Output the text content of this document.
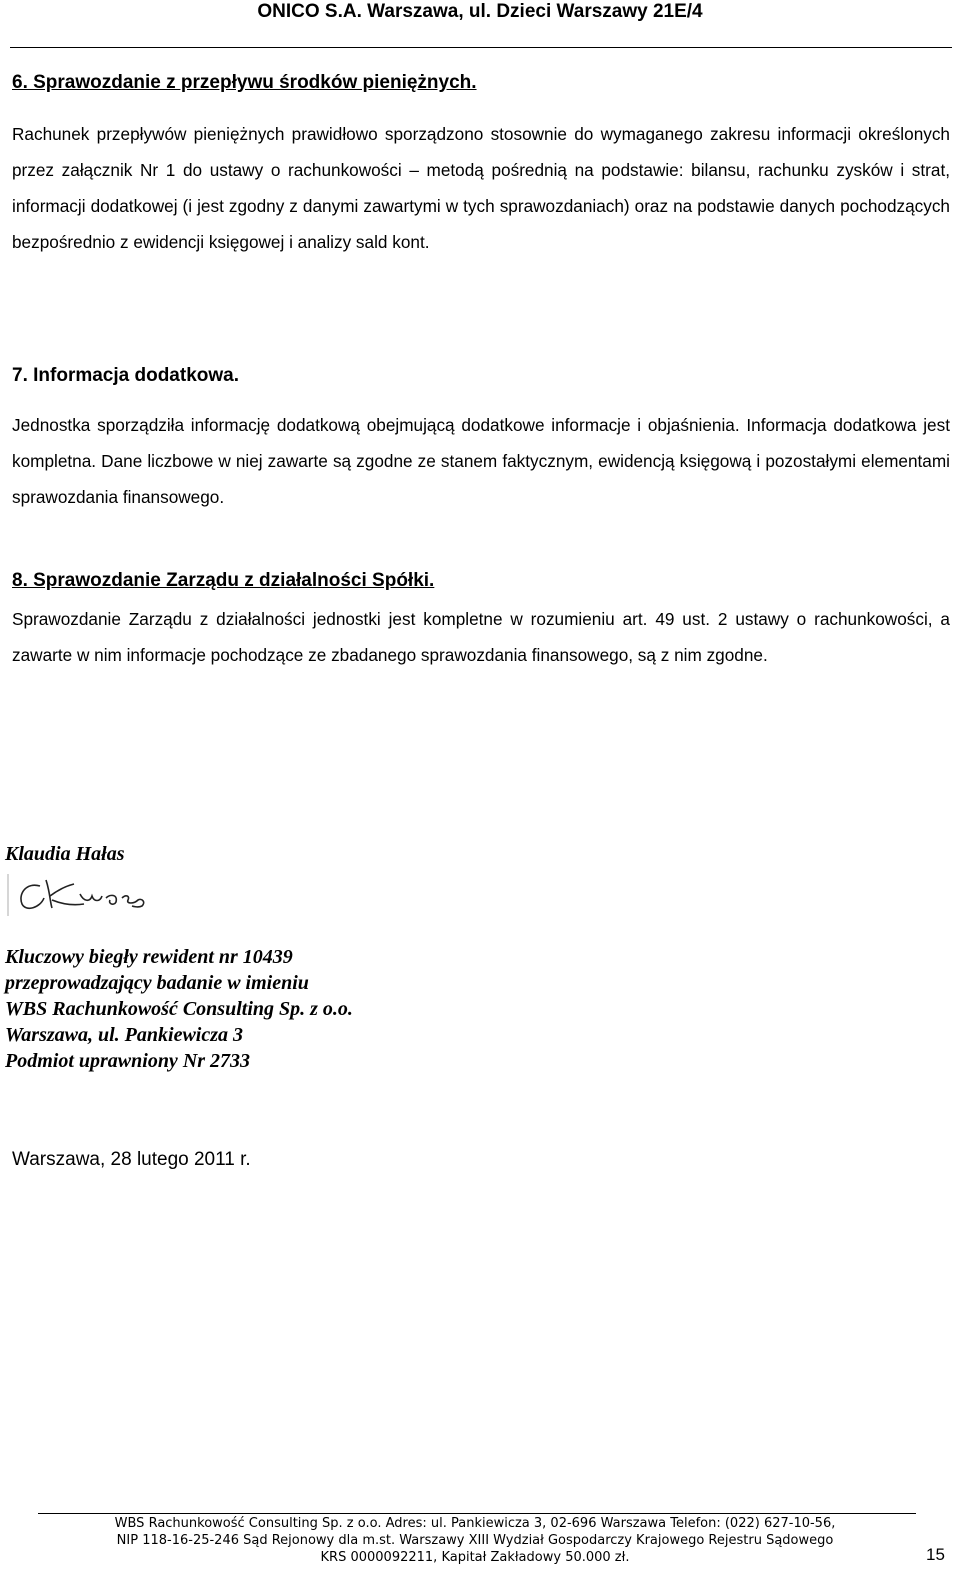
ONICO S.A. Warszawa, ul. Dzieci Warszawy 21E/4
6. Sprawozdanie z przepływu środków pieniężnych.

Rachunek przepływów pieniężnych prawidłowo sporządzono stosownie do wymaganego zakresu informacji określonych przez załącznik Nr 1 do ustawy o rachunkowości – metodą pośrednią na podstawie: bilansu, rachunku zysków i strat, informacji dodatkowej (i jest zgodny z danymi zawartymi w tych sprawozdaniach) oraz na podstawie danych pochodzących bezpośrednio z ewidencji księgowej i analizy sald kont.

7. Informacja dodatkowa.

Jednostka sporządziła informację dodatkową obejmującą dodatkowe informacje i objaśnienia. Informacja dodatkowa jest kompletna. Dane liczbowe w niej zawarte są zgodne ze stanem faktycznym, ewidencją księgową i pozostałymi elementami sprawozdania finansowego.

8. Sprawozdanie Zarządu z działalności Spółki.

Sprawozdanie Zarządu z działalności jednostki jest kompletne w rozumieniu art. 49 ust. 2 ustawy o rachunkowości, a zawarte w nim informacje pochodzące ze zbadanego sprawozdania finansowego, są z nim zgodne.

Klaudia Hałas
Kluczowy biegły rewident nr 10439
przeprowadzający badanie w imieniu
WBS Rachunkowość Consulting Sp. z o.o.
Warszawa, ul. Pankiewicza 3
Podmiot uprawniony Nr 2733
Warszawa, 28 lutego 2011 r.
WBS Rachunkowość Consulting Sp. z o.o. Adres: ul. Pankiewicza 3, 02-696 Warszawa Telefon: (022) 627-10-56,
NIP 118-16-25-246 Sąd Rejonowy dla m.st. Warszawy XIII Wydział Gospodarczy Krajowego Rejestru Sądowego
KRS 0000092211, Kapitał Zakładowy 50.000 zł.	15
